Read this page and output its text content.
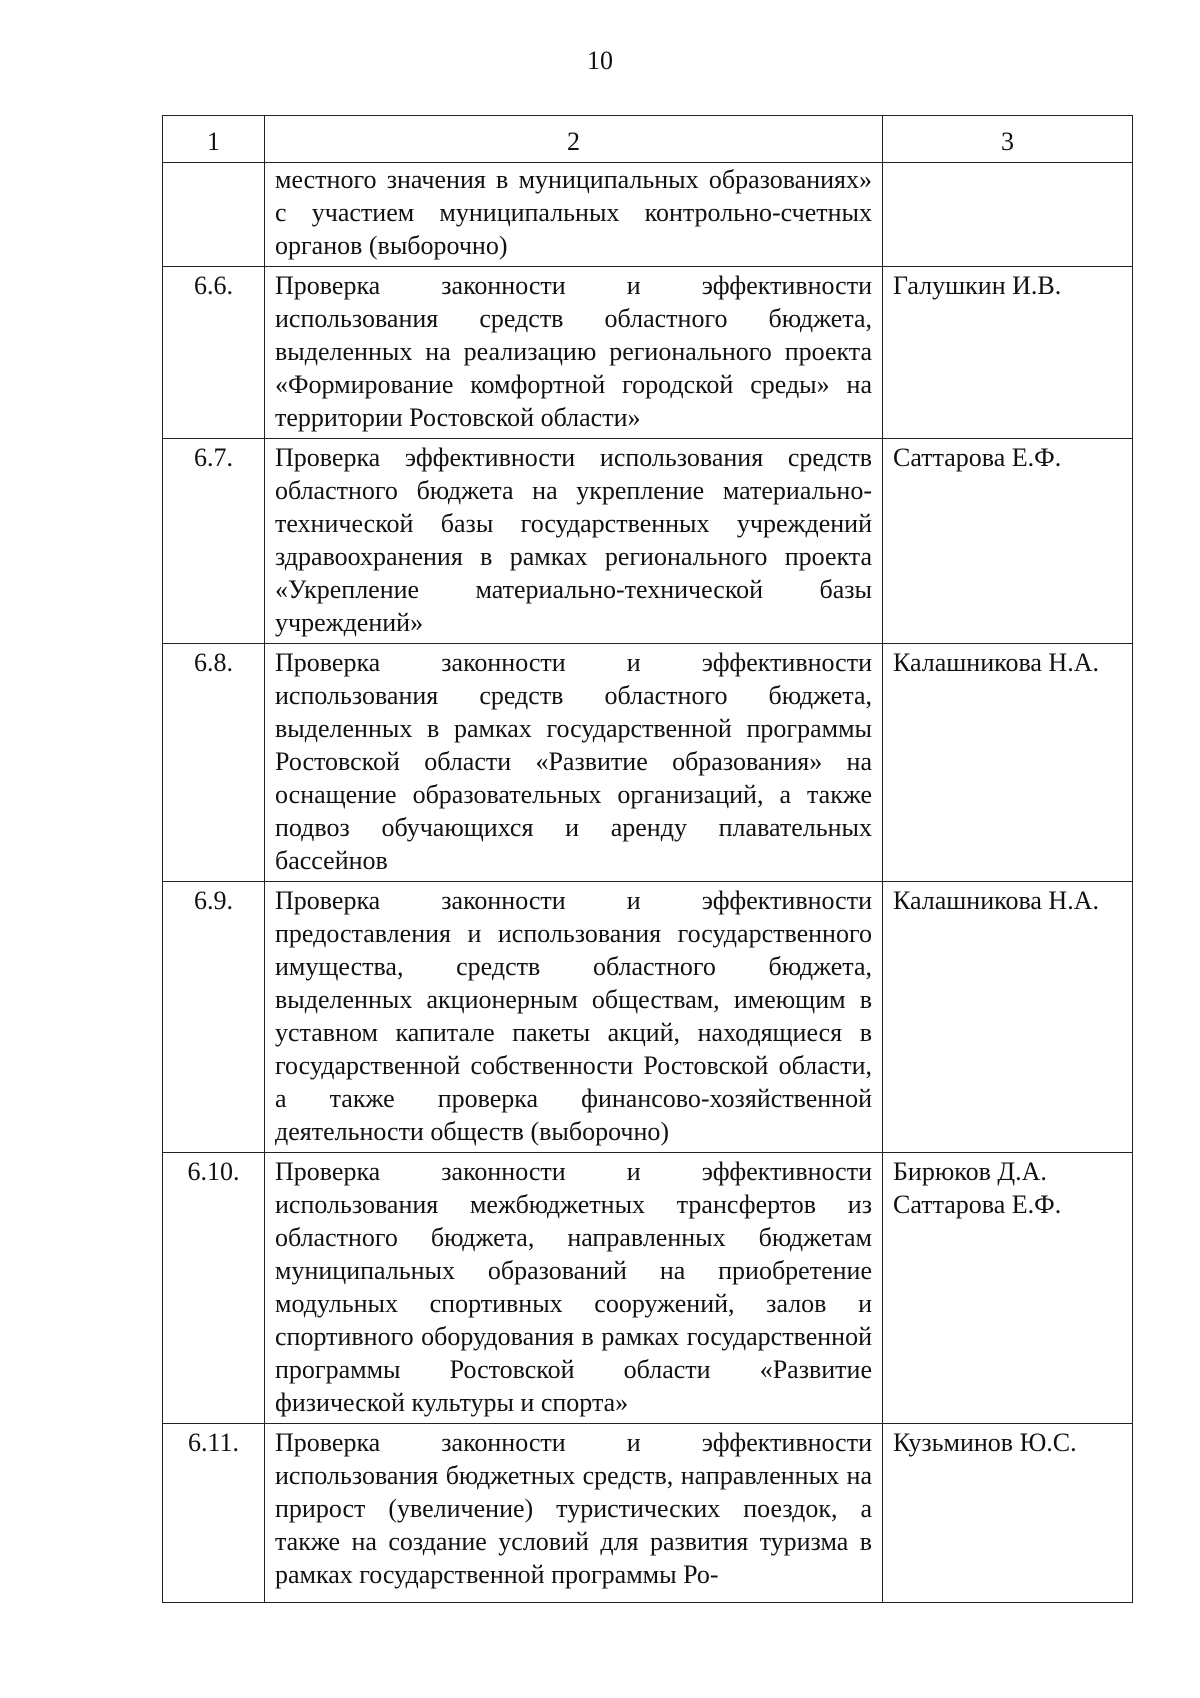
10
1	2	3
	местного значения в муниципальных образованиях» с участием муниципальных контрольно-счетных органов (выборочно)	
6.6.	Проверка законности и эффективности использования средств областного бюджета, выделенных на реализацию регионального проекта «Формирование комфортной городской среды» на территории Ростовской области»	Галушкин И.В.

6.7.	Проверка эффективности использования средств областного бюджета на укрепление материально-технической базы государственных учреждений здравоохранения в рамках регионального проекта «Укрепление материально-технической базы учреждений»	Саттарова Е.Ф.

6.8.	Проверка законности и эффективности использования средств областного бюджета, выделенных в рамках государственной программы Ростовской области «Развитие образования» на оснащение образовательных организаций, а также подвоз обучающихся и аренду плавательных бассейнов	Калашникова Н.А.

6.9.	Проверка законности и эффективности предоставления и использования государственного имущества, средств областного бюджета, выделенных акционерным обществам, имеющим в уставном капитале пакеты акций, находящиеся в государственной собственности Ростовской области, а также проверка финансово-хозяйственной деятельности обществ (выборочно)	Калашникова Н.А.

6.10.	Проверка законности и эффективности использования межбюджетных трансфертов из областного бюджета, направленных бюджетам муниципальных образований на приобретение модульных спортивных сооружений, залов и спортивного оборудования в рамках государственной программы Ростовской области «Развитие физической культуры и спорта»	Бирюков Д.А.
Саттарова Е.Ф.

6.11.	Проверка законности и эффективности использования бюджетных средств, направленных на прирост (увеличение) туристических поездок, а также на создание условий для развития туризма в рамках государственной программы Ро-	Кузьминов Ю.С.
